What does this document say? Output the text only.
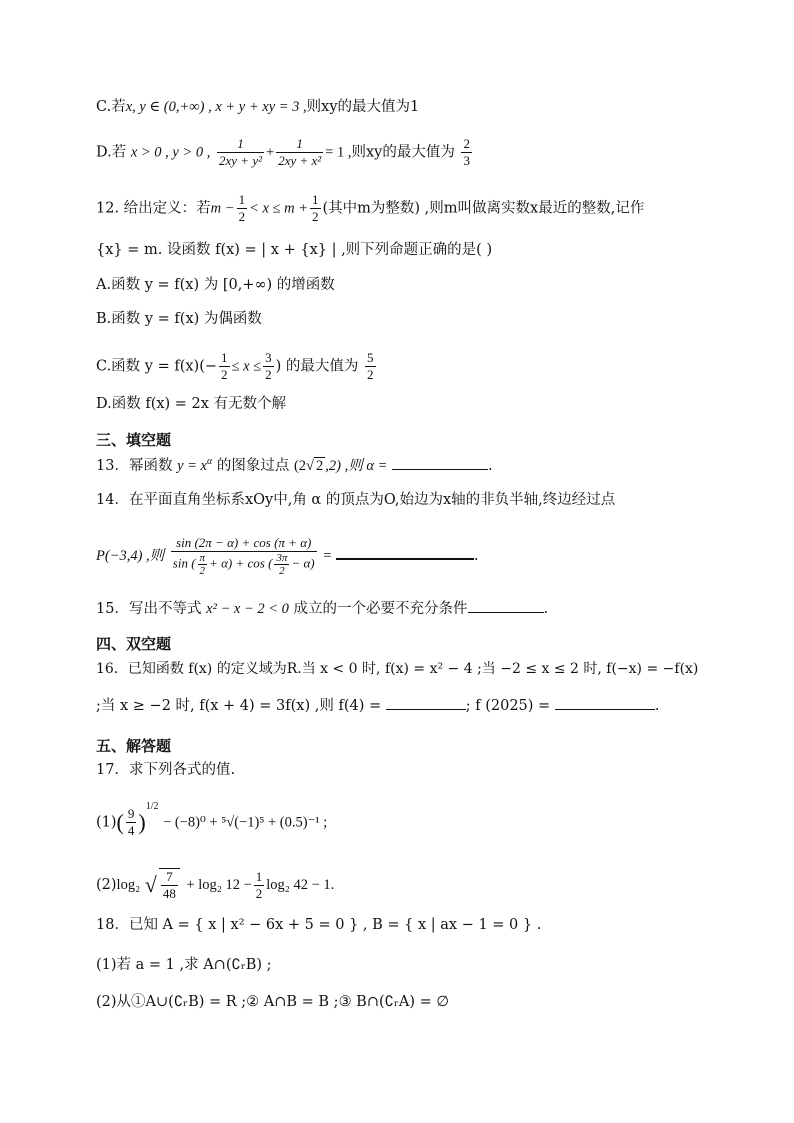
C.若x, y ∈ (0,+∞) , x + y + xy = 3 ,则xy的最大值为1
D.若 x > 0 , y > 0 , $\frac{1}{\text{2xy + y²}} + \frac{1}{\text{2xy + x²}} = 1$ ,则xy的最大值为 $\frac{2}{3}$
12. 给出定义：若$m - \frac{1}{2} < x \le m + \frac{1}{2}$ (其中m为整数) ,则m叫做离实数x最近的整数,记作
{x} = m. 设函数 f(x) = | x + {x} | ,则下列命题正确的是( )
A.函数 y = f(x) 为 [0,+∞) 的增函数
B.函数 y = f(x) 为偶函数
C.函数 $y = f(x)(- \frac{1}{2} \le x \le \frac{3}{2}$ ) 的最大值为 $\frac{5}{2}$
D.函数 f(x) = 2x 有无数个解
三、填空题
13．幂函数 $y = x^\alpha$ 的图象过点 (2√ 2 ,2) ,则 α =	.
14．在平面直角坐标系xOy中,角 α 的顶点为O,始边为x轴的非负半轴,终边经过点
P(−3,4) ,则 $\frac{\sin (2\pi - \alpha) + \cos (\pi + \alpha)}{\sin ( \frac{\pi}{2} + \alpha) + \cos ( \frac{3\pi}{2} - \alpha)}$ =	.
15．写出不等式 x² − x − 2 < 0 成立的一个必要不充分条件	.
四、双空题
16．已知函数 f(x) 的定义域为R.当 x < 0 时, f(x) = x² − 4 ;当 −2 ≤ x ≤ 2 时, f(−x) = −f(x)
;当 x ≥ −2 时, f(x + 4) = 3f(x) ,则 f(4) =	; f (2025) =	.
五、解答题
17．求下列各式的值.
$(1)( \frac{9}{4} )^{1/2} - (-8)^0 + ^5√(-1)^5 + (0.5)^{-1}$ ;
(2)log₂ √ $\frac{7}{48} + \log_2$ $12 - \frac{1}{2} \log_2$ 42 − 1.
18．已知 A = { x | x² − 6x + 5 = 0 } , B = { x | ax − 1 = 0 } .
(1)若 a = 1 ,求 A∩(∁ᵣB) ;
(2)从①A∪(∁ᵣB) = R ;② A∩B = B ;③ B∩(∁ᵣA) = ∅
